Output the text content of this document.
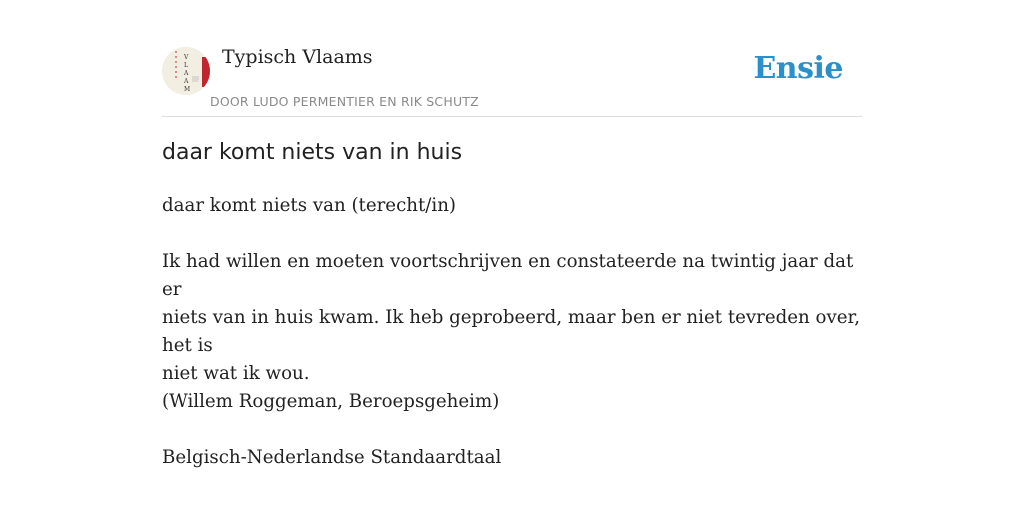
V
L
A
A
M
Typisch Vlaams
DOOR LUDO PERMENTIER EN RIK SCHUTZ
Ensie
daar komt niets van in huis

daar komt niets van (terecht/in)

Ik had willen en moeten voortschrijven en constateerde na twintig jaar dat er

niets van in huis kwam. Ik heb geprobeerd, maar ben er niet tevreden over, het is

niet wat ik wou.

(Willem Roggeman, Beroepsgeheim)

Belgisch-Nederlandse Standaardtaal
